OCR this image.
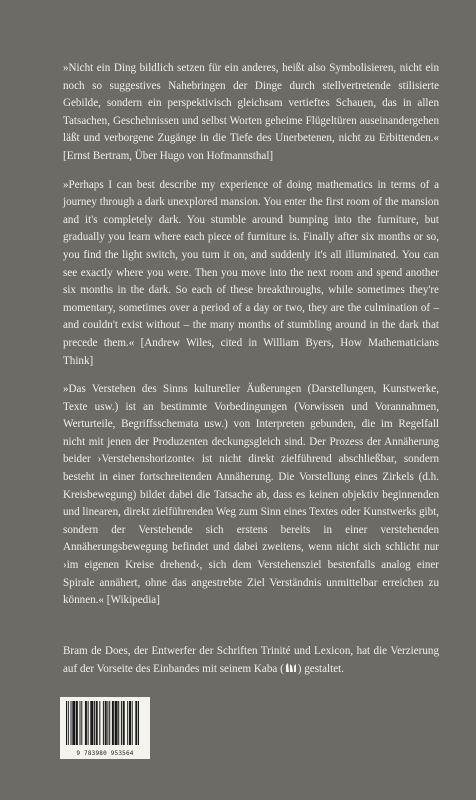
»Nicht ein Ding bildlich setzen für ein anderes, heißt also Symbolisieren, nicht ein noch so suggestives Nahebringen der Dinge durch stellvertretende stilisierte Gebilde, sondern ein perspektivisch gleichsam vertieftes Schauen, das in allen Tatsachen, Geschehnissen und selbst Worten geheime Flügeltüren auseinandergehen läßt und verborgene Zugänge in die Tiefe des Unerbetenen, nicht zu Erbittenden.« [Ernst Bertram, Über Hugo von Hofmannsthal]

»Perhaps I can best describe my experience of doing mathematics in terms of a journey through a dark unexplored mansion. You enter the first room of the mansion and it's completely dark. You stumble around bumping into the furniture, but gradually you learn where each piece of furniture is. Finally after six months or so, you find the light switch, you turn it on, and suddenly it's all illuminated. You can see exactly where you were. Then you move into the next room and spend another six months in the dark. So each of these breakthroughs, while sometimes they're momentary, sometimes over a period of a day or two, they are the culmination of – and couldn't exist without – the many months of stumbling around in the dark that precede them.« [Andrew Wiles, cited in William Byers, How Mathematicians Think]

»Das Verstehen des Sinns kultureller Äußerungen (Darstellungen, Kunstwerke, Texte usw.) ist an bestimmte Vorbedingungen (Vorwissen und Vorannahmen, Werturteile, Begriffsschemata usw.) von Interpreten gebunden, die im Regelfall nicht mit jenen der Produzenten deckungsgleich sind. Der Prozess der Annäherung beider ›Verstehenshorizonte‹ ist nicht direkt zielführend abschließbar, sondern besteht in einer fortschreitenden Annäherung. Die Vorstellung eines Zirkels (d.h. Kreisbewegung) bildet dabei die Tatsache ab, dass es keinen objektiv beginnenden und linearen, direkt zielführenden Weg zum Sinn eines Textes oder Kunstwerks gibt, sondern der Verstehende sich erstens bereits in einer verstehenden Annäherungsbewegung befindet und dabei zweitens, wenn nicht sich schlicht nur ›im eigenen Kreise drehend‹, sich dem Verstehensziel bestenfalls analog einer Spirale annähert, ohne das angestrebte Ziel Verständnis unmittelbar erreichen zu können.« [Wikipedia]

Bram de Does, der Entwerfer der Schriften Trinité und Lexicon, hat die Verzierung auf der Vorseite des Einbandes mit seinem Kaba ( ) gestaltet.

9 783980 953564
